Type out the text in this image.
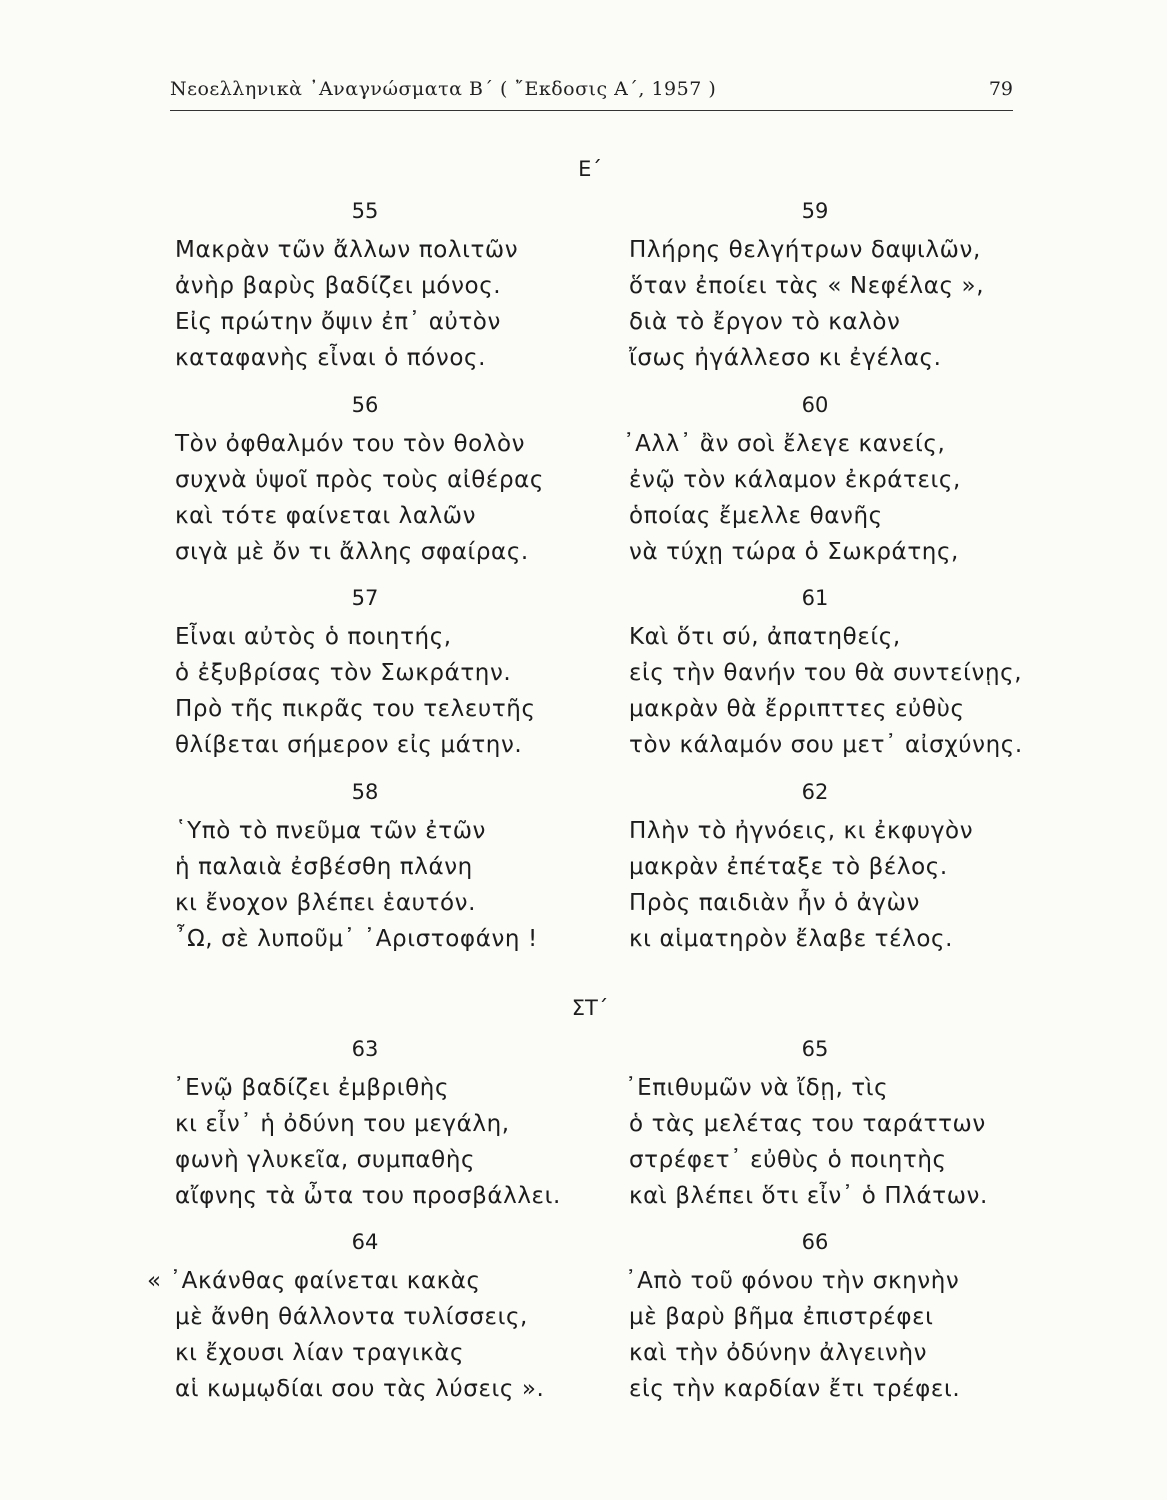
Νεοελληνικὰ ᾿Αναγνώσματα Β΄ ( ῎Εκδοσις Α΄, 1957 )	79
Ε΄
ΣΤ΄
55
Μακρὰν τῶν ἄλλων πολιτῶν
ἀνὴρ βαρὺς βαδίζει μόνος.
Εἰς πρώτην ὄψιν ἐπ᾿ αὐτὸν
καταφανὴς εἶναι ὁ πόνος.
56
Τὸν ὀφθαλμόν του τὸν θολὸν
συχνὰ ὑψοῖ πρὸς τοὺς αἰθέρας
καὶ τότε φαίνεται λαλῶν
σιγὰ μὲ ὄν τι ἄλλης σφαίρας.
57
Εἶναι αὐτὸς ὁ ποιητής,
ὁ ἐξυβρίσας τὸν Σωκράτην.
Πρὸ τῆς πικρᾶς του τελευτῆς
θλίβεται σήμερον εἰς μάτην.
58
῾Υπὸ τὸ πνεῦμα τῶν ἐτῶν
ἡ παλαιὰ ἐσβέσθη πλάνη
κι ἔνοχον βλέπει ἑαυτόν.
῏Ω, σὲ λυποῦμ᾿ ᾿Αριστοφάνη !
59
Πλήρης θελγήτρων δαψιλῶν,
ὅταν ἐποίει τὰς « Νεφέλας »,
διὰ τὸ ἔργον τὸ καλὸν
ἴσως ἠγάλλεσο κι ἐγέλας.
60
᾿Αλλ᾿ ἂν σοὶ ἔλεγε κανείς,
ἐνῷ τὸν κάλαμον ἐκράτεις,
ὁποίας ἔμελλε θανῆς
νὰ τύχῃ τώρα ὁ Σωκράτης,
61
Καὶ ὅτι σύ, ἀπατηθείς,
εἰς τὴν θανήν του θὰ συντείνῃς,
μακρὰν θὰ ἔρριπττες εὐθὺς
τὸν κάλαμόν σου μετ᾿ αἰσχύνης.
62
Πλὴν τὸ ἠγνόεις, κι ἐκφυγὸν
μακρὰν ἐπέταξε τὸ βέλος.
Πρὸς παιδιὰν ἦν ὁ ἀγὼν
κι αἱματηρὸν ἔλαβε τέλος.
63
᾿Ενῷ βαδίζει ἐμβριθὴς
κι εἶν᾿ ἡ ὀδύνη του μεγάλη,
φωνὴ γλυκεῖα, συμπαθὴς
αἴφνης τὰ ὦτα του προσβάλλει.
64
« ᾿Ακάνθας φαίνεται κακὰς
μὲ ἄνθη θάλλοντα τυλίσσεις,
κι ἔχουσι λίαν τραγικὰς
αἱ κωμῳδίαι σου τὰς λύσεις ».
65
᾿Επιθυμῶν νὰ ἴδῃ, τὶς
ὁ τὰς μελέτας του ταράττων
στρέφετ᾿ εὐθὺς ὁ ποιητὴς
καὶ βλέπει ὅτι εἶν᾿ ὁ Πλάτων.
66
᾿Απὸ τοῦ φόνου τὴν σκηνὴν
μὲ βαρὺ βῆμα ἐπιστρέφει
καὶ τὴν ὀδύνην ἀλγεινὴν
εἰς τὴν καρδίαν ἔτι τρέφει.
